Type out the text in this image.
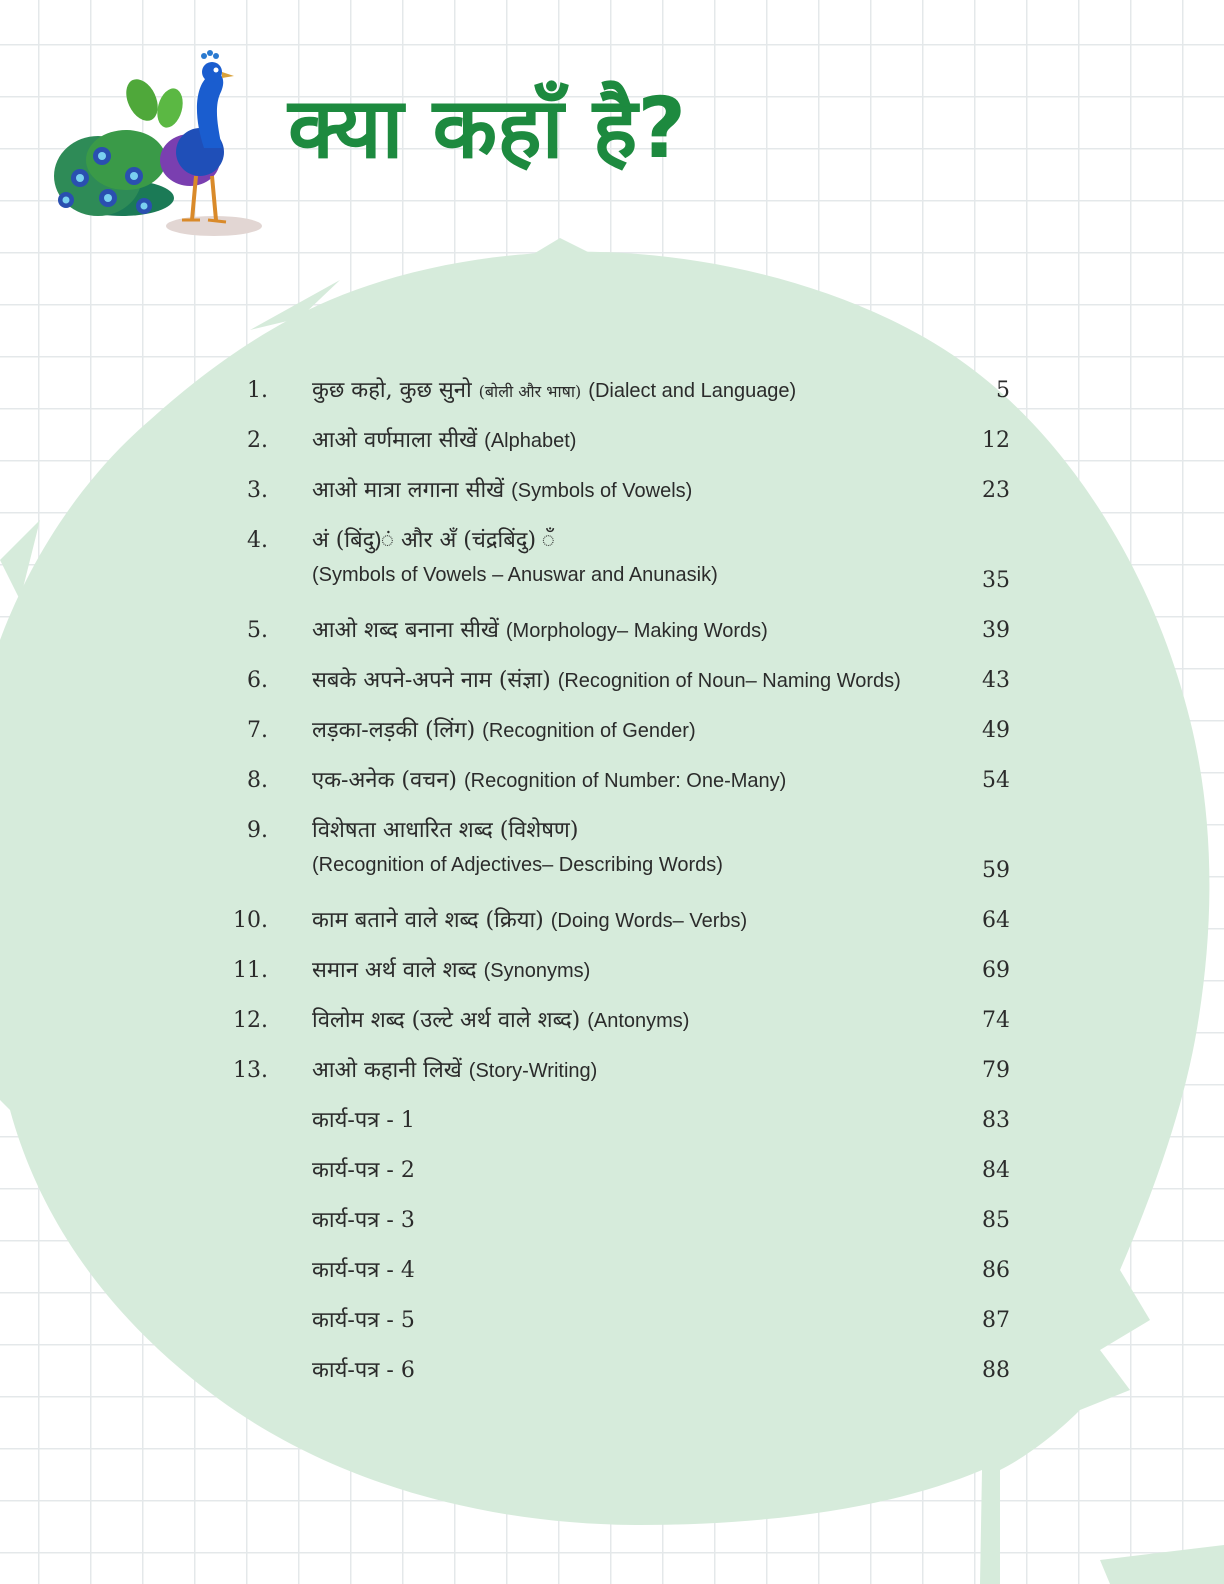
क्या कहाँ है?
1. कुछ कहो, कुछ सुनो (बोली और भाषा) (Dialect and Language)	5
2. आओ वर्णमाला सीखें (Alphabet)	12
3. आओ मात्रा लगाना सीखें (Symbols of Vowels)	23
4. अं (बिंदु)ं और अँ (चंद्रबिंदु) ँ
(Symbols of Vowels – Anuswar and Anunasik)	35
5. आओ शब्द बनाना सीखें (Morphology– Making Words)	39
6. सबके अपने-अपने नाम (संज्ञा) (Recognition of Noun– Naming Words)	43
7. लड़का-लड़की (लिंग) (Recognition of Gender)	49
8. एक-अनेक (वचन) (Recognition of Number: One-Many)	54
9. विशेषता आधारित शब्द (विशेषण)
(Recognition of Adjectives– Describing Words)	59
10. काम बताने वाले शब्द (क्रिया) (Doing Words– Verbs)	64
11. समान अर्थ वाले शब्द (Synonyms)	69
12. विलोम शब्द (उल्टे अर्थ वाले शब्द) (Antonyms)	74
13. आओ कहानी लिखें (Story-Writing)	79
कार्य-पत्र - 1	83
कार्य-पत्र - 2	84
कार्य-पत्र - 3	85
कार्य-पत्र - 4	86
कार्य-पत्र - 5	87
कार्य-पत्र - 6	88
